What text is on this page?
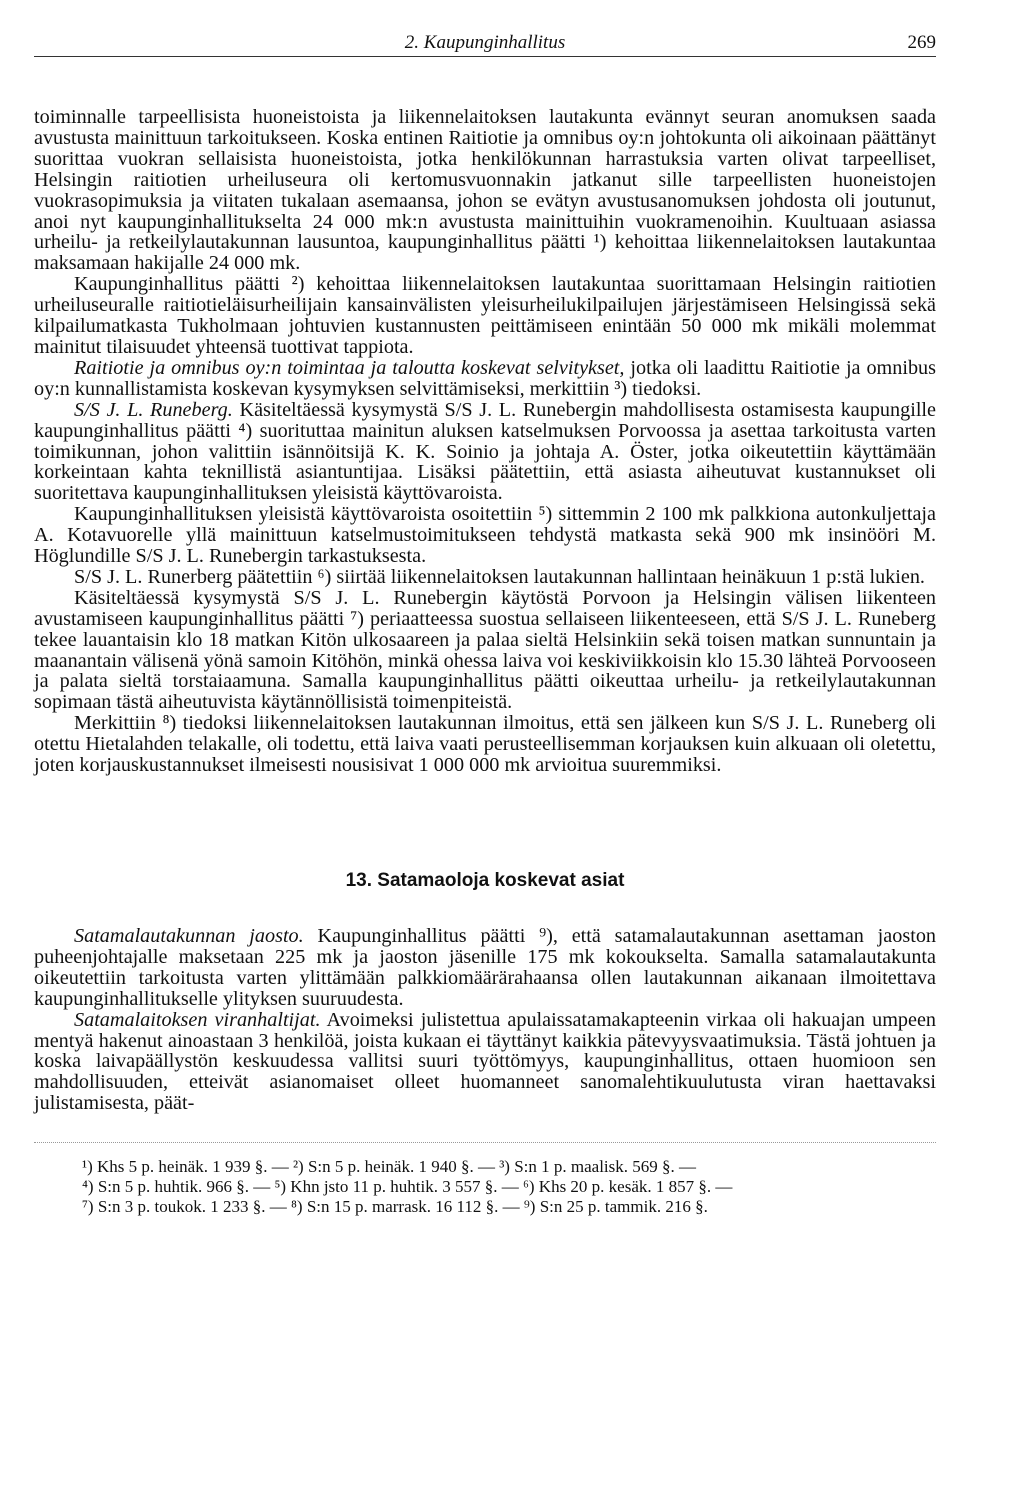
2. Kaupunginhallitus	269

toiminnalle tarpeellisista huoneistoista ja liikennelaitoksen lautakunta evännyt seuran anomuksen saada avustusta mainittuun tarkoitukseen. Koska entinen Raitiotie ja omnibus oy:n johtokunta oli aikoinaan päättänyt suorittaa vuokran sellaisista huoneistoista, jotka henkilökunnan harrastuksia varten olivat tarpeelliset, Helsingin raitiotien urheiluseura oli kertomusvuonnakin jatkanut sille tarpeellisten huoneistojen vuokrasopimuksia ja viitaten tukalaan asemaansa, johon se evätyn avustusanomuksen johdosta oli joutunut, anoi nyt kaupunginhallitukselta 24 000 mk:n avustusta mainittuihin vuokramenoihin. Kuultuaan asiassa urheilu- ja retkeilylautakunnan lausuntoa, kaupunginhallitus päätti ¹) kehoittaa liikennelaitoksen lautakuntaa maksamaan hakijalle 24 000 mk.

Kaupunginhallitus päätti ²) kehoittaa liikennelaitoksen lautakuntaa suorittamaan Helsingin raitiotien urheiluseuralle raitiotieläisurheilijain kansainvälisten yleisurheilukilpailujen järjestämiseen Helsingissä sekä kilpailumatkasta Tukholmaan johtuvien kustannusten peittämiseen enintään 50 000 mk mikäli molemmat mainitut tilaisuudet yhteensä tuottivat tappiota.

Raitiotie ja omnibus oy:n toimintaa ja taloutta koskevat selvitykset, jotka oli laadittu Raitiotie ja omnibus oy:n kunnallistamista koskevan kysymyksen selvittämiseksi, merkittiin ³) tiedoksi.

S/S J. L. Runeberg. Käsiteltäessä kysymystä S/S J. L. Runebergin mahdollisesta ostamisesta kaupungille kaupunginhallitus päätti ⁴) suorituttaa mainitun aluksen katselmuksen Porvoossa ja asettaa tarkoitusta varten toimikunnan, johon valittiin isännöitsijä K. K. Soinio ja johtaja A. Öster, jotka oikeutettiin käyttämään korkeintaan kahta teknillistä asiantuntijaa. Lisäksi päätettiin, että asiasta aiheutuvat kustannukset oli suoritettava kaupunginhallituksen yleisistä käyttövaroista.

Kaupunginhallituksen yleisistä käyttövaroista osoitettiin ⁵) sittemmin 2 100 mk palkkiona autonkuljettaja A. Kotavuorelle yllä mainittuun katselmustoimitukseen tehdystä matkasta sekä 900 mk insinööri M. Höglundille S/S J. L. Runebergin tarkastuksesta.

S/S J. L. Runerberg päätettiin ⁶) siirtää liikennelaitoksen lautakunnan hallintaan heinäkuun 1 p:stä lukien.

Käsiteltäessä kysymystä S/S J. L. Runebergin käytöstä Porvoon ja Helsingin välisen liikenteen avustamiseen kaupunginhallitus päätti ⁷) periaatteessa suostua sellaiseen liikenteeseen, että S/S J. L. Runeberg tekee lauantaisin klo 18 matkan Kitön ulkosaareen ja palaa sieltä Helsinkiin sekä toisen matkan sunnuntain ja maanantain välisenä yönä samoin Kitöhön, minkä ohessa laiva voi keskiviikkoisin klo 15.30 lähteä Porvooseen ja palata sieltä torstaiaamuna. Samalla kaupunginhallitus päätti oikeuttaa urheilu- ja retkeilylautakunnan sopimaan tästä aiheutuvista käytännöllisistä toimenpiteistä.

Merkittiin ⁸) tiedoksi liikennelaitoksen lautakunnan ilmoitus, että sen jälkeen kun S/S J. L. Runeberg oli otettu Hietalahden telakalle, oli todettu, että laiva vaati perusteellisemman korjauksen kuin alkuaan oli oletettu, joten korjauskustannukset ilmeisesti nousisivat 1 000 000 mk arvioitua suuremmiksi.

13. Satamaoloja koskevat asiat

Satamalautakunnan jaosto. Kaupunginhallitus päätti ⁹), että satamalautakunnan asettaman jaoston puheenjohtajalle maksetaan 225 mk ja jaoston jäsenille 175 mk kokoukselta. Samalla satamalautakunta oikeutettiin tarkoitusta varten ylittämään palkkiomäärärahaansa ollen lautakunnan aikanaan ilmoitettava kaupunginhallitukselle ylityksen suuruudesta.

Satamalaitoksen viranhaltijat. Avoimeksi julistettua apulaissatamakapteenin virkaa oli hakuajan umpeen mentyä hakenut ainoastaan 3 henkilöä, joista kukaan ei täyttänyt kaikkia pätevyysvaatimuksia. Tästä johtuen ja koska laivapäällystön keskuudessa vallitsi suuri työttömyys, kaupunginhallitus, ottaen huomioon sen mahdollisuuden, etteivät asianomaiset olleet huomanneet sanomalehtikuulutusta viran haettavaksi julistamisesta, päät-

¹) Khs 5 p. heinäk. 1 939 §. — ²) S:n 5 p. heinäk. 1 940 §. — ³) S:n 1 p. maalisk. 569 §. —

⁴) S:n 5 p. huhtik. 966 §. — ⁵) Khn jsto 11 p. huhtik. 3 557 §. — ⁶) Khs 20 p. kesäk. 1 857 §. —

⁷) S:n 3 p. toukok. 1 233 §. — ⁸) S:n 15 p. marrask. 16 112 §. — ⁹) S:n 25 p. tammik. 216 §.
